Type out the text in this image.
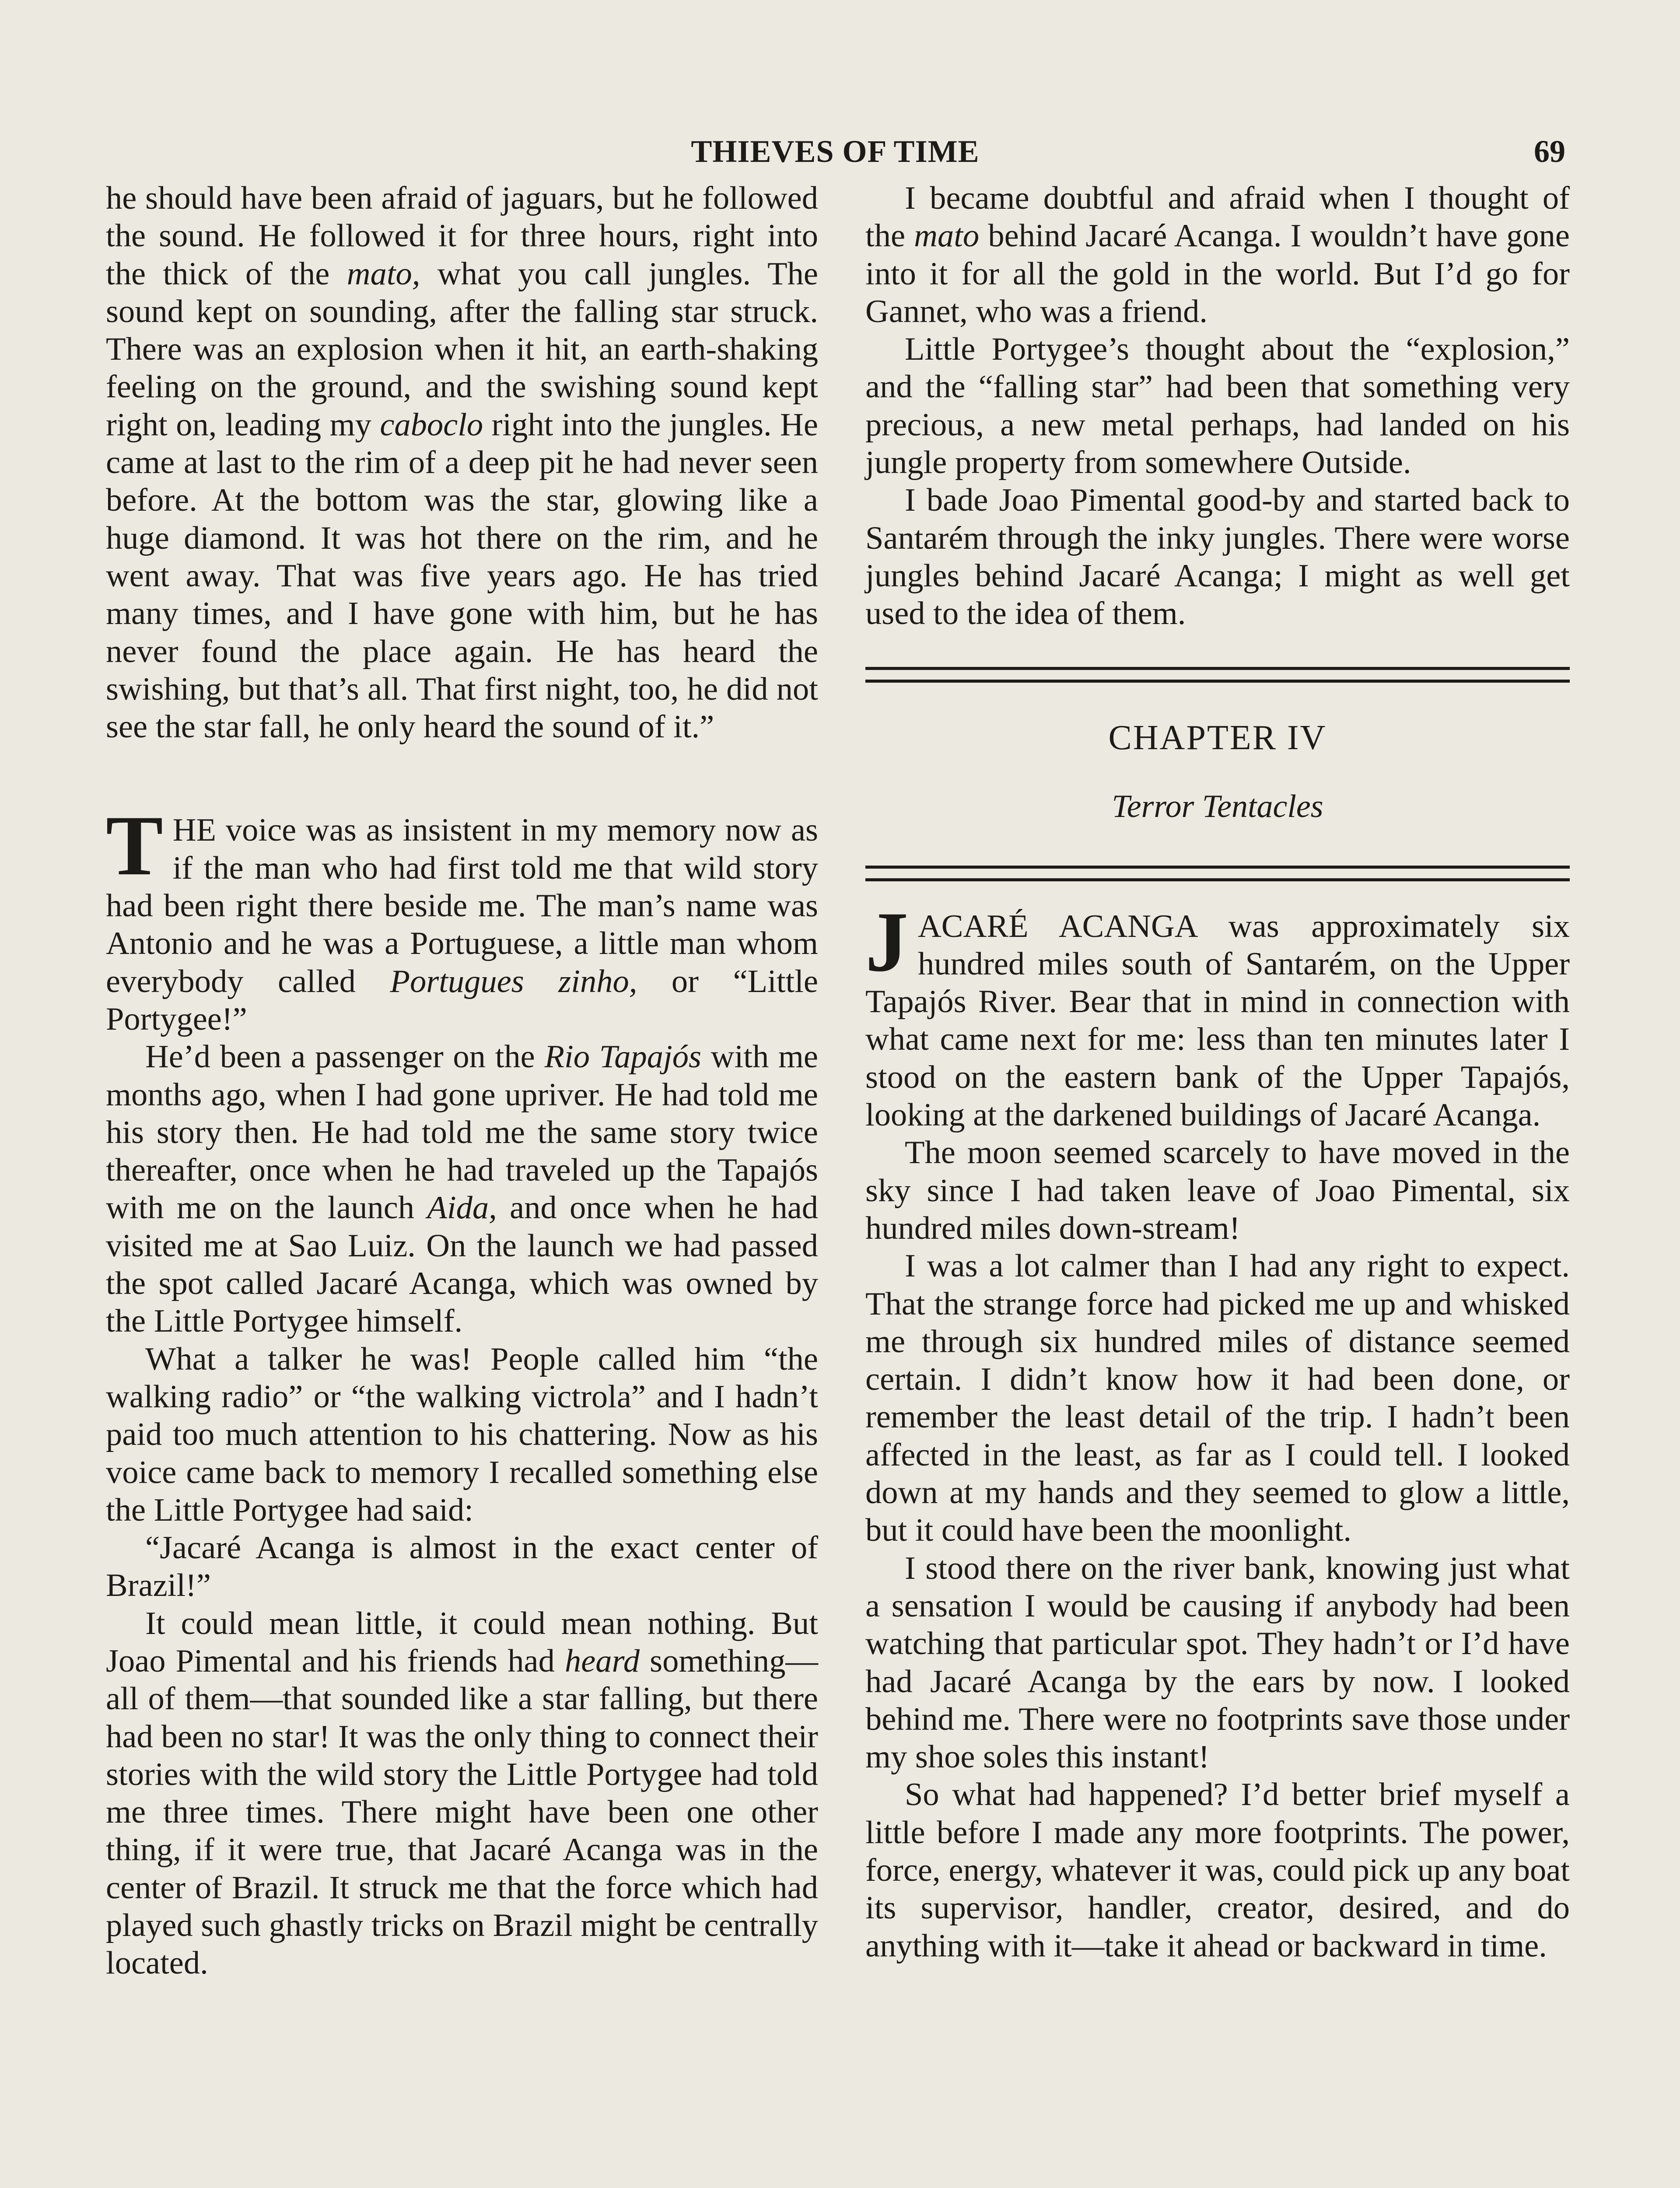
THIEVES OF TIME	69

he should have been afraid of jaguars, but he followed the sound. He followed it for three hours, right into the thick of the mato, what you call jungles. The sound kept on sounding, after the falling star struck. There was an explosion when it hit, an earth-shaking feeling on the ground, and the swishing sound kept right on, leading my caboclo right into the jungles. He came at last to the rim of a deep pit he had never seen before. At the bottom was the star, glowing like a huge diamond. It was hot there on the rim, and he went away. That was five years ago. He has tried many times, and I have gone with him, but he has never found the place again. He has heard the swishing, but that’s all. That first night, too, he did not see the star fall, he only heard the sound of it.”

THE voice was as insistent in my memory now as if the man who had first told me that wild story had been right there beside me. The man’s name was Antonio and he was a Portuguese, a little man whom everybody called Portugues zinho, or “Little Portygee!”

He’d been a passenger on the Rio Tapajós with me months ago, when I had gone upriver. He had told me his story then. He had told me the same story twice thereafter, once when he had traveled up the Tapajós with me on the launch Aida, and once when he had visited me at Sao Luiz. On the launch we had passed the spot called Jacaré Acanga, which was owned by the Little Portygee himself.

What a talker he was! People called him “the walking radio” or “the walking victrola” and I hadn’t paid too much attention to his chattering. Now as his voice came back to memory I recalled something else the Little Portygee had said:

“Jacaré Acanga is almost in the exact center of Brazil!”

It could mean little, it could mean nothing. But Joao Pimental and his friends had heard something—all of them—that sounded like a star falling, but there had been no star! It was the only thing to connect their stories with the wild story the Little Portygee had told me three times. There might have been one other thing, if it were true, that Jacaré Acanga was in the center of Brazil. It struck me that the force which had played such ghastly tricks on Brazil might be centrally located.

I became doubtful and afraid when I thought of the mato behind Jacaré Acanga. I wouldn’t have gone into it for all the gold in the world. But I’d go for Gannet, who was a friend.

Little Portygee’s thought about the “explosion,” and the “falling star” had been that something very precious, a new metal perhaps, had landed on his jungle property from somewhere Outside.

I bade Joao Pimental good-by and started back to Santarém through the inky jungles. There were worse jungles behind Jacaré Acanga; I might as well get used to the idea of them.

CHAPTER IV
Terror Tentacles

JACARÉ ACANGA was approximately six hundred miles south of Santarém, on the Upper Tapajós River. Bear that in mind in connection with what came next for me: less than ten minutes later I stood on the eastern bank of the Upper Tapajós, looking at the darkened buildings of Jacaré Acanga.

The moon seemed scarcely to have moved in the sky since I had taken leave of Joao Pimental, six hundred miles down-stream!

I was a lot calmer than I had any right to expect. That the strange force had picked me up and whisked me through six hundred miles of distance seemed certain. I didn’t know how it had been done, or remember the least detail of the trip. I hadn’t been affected in the least, as far as I could tell. I looked down at my hands and they seemed to glow a little, but it could have been the moonlight.

I stood there on the river bank, knowing just what a sensation I would be causing if anybody had been watching that particular spot. They hadn’t or I’d have had Jacaré Acanga by the ears by now. I looked behind me. There were no footprints save those under my shoe soles this instant!

So what had happened? I’d better brief myself a little before I made any more footprints. The power, force, energy, whatever it was, could pick up any boat its supervisor, handler, creator, desired, and do anything with it—take it ahead or backward in time.
